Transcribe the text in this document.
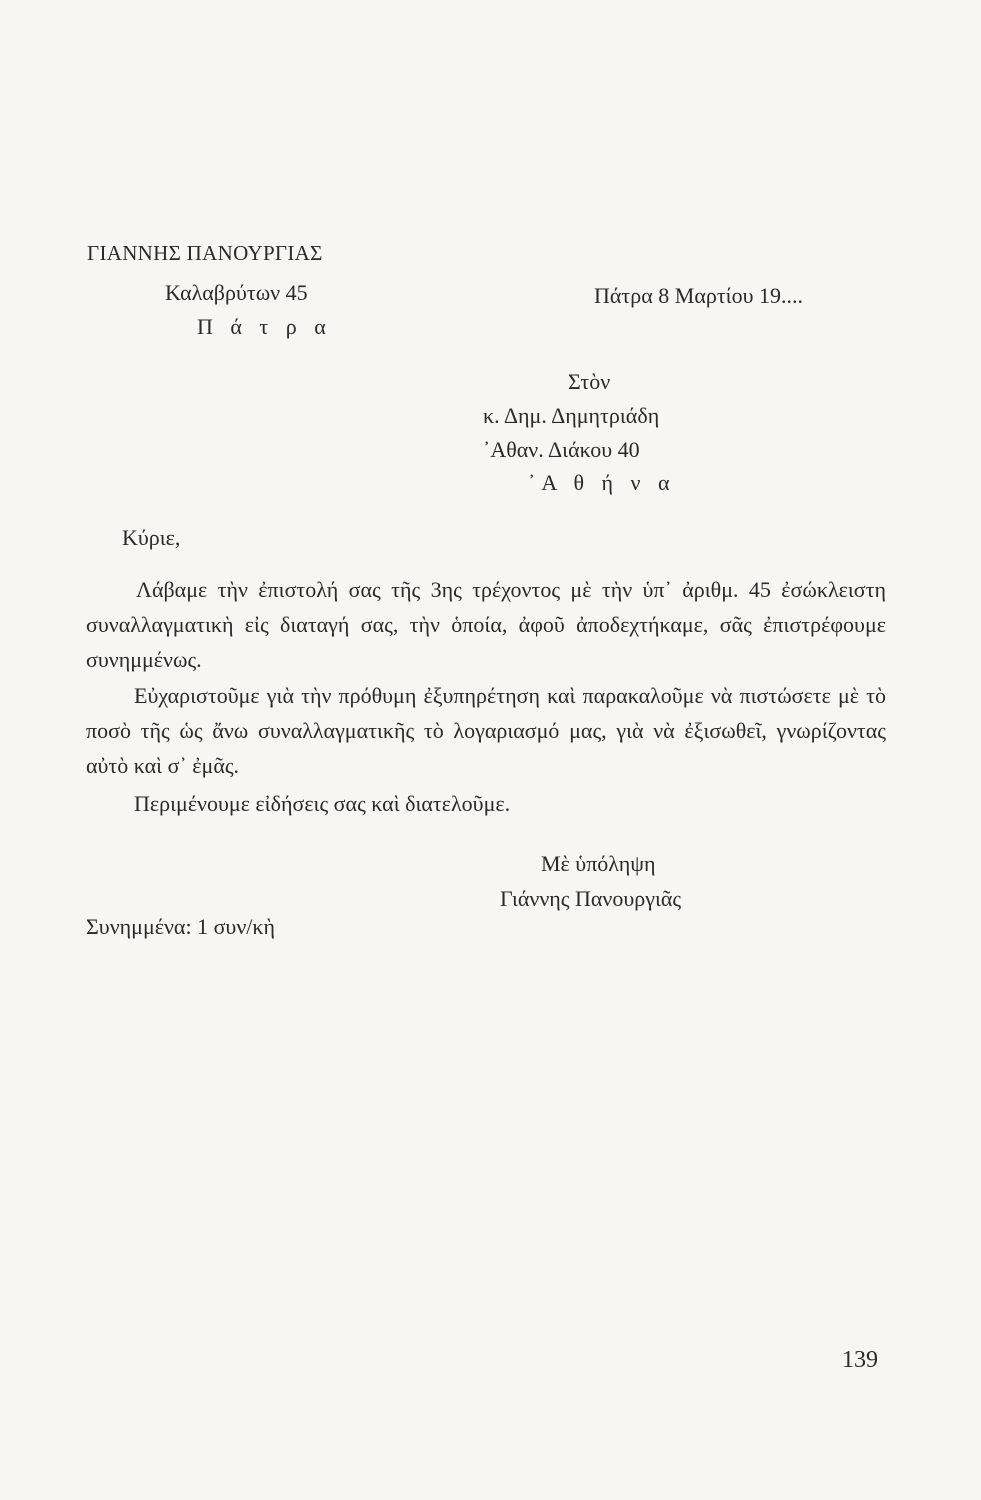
ΓΙΑΝΝΗΣ ΠΑΝΟΥΡΓΙΑΣ
Καλαβρύτων 45
Π ά τ ρ α
Πάτρα 8 Μαρτίου 19....
Στὸν
κ. Δημ. Δημητριάδη
᾿Αθαν. Διάκου 40
᾿Α θ ή ν α
Κύριε,

Λάβαμε τὴν ἐπιστολή σας τῆς 3ης τρέχοντος μὲ τὴν ὑπ᾿ ἀριθμ. 45 ἐσώκλειστη συναλλαγματικὴ εἰς διαταγή σας, τὴν ὁποία, ἀφοῦ ἀποδεχτήκαμε, σᾶς ἐπιστρέφουμε συνημμένως.

Εὐχαριστοῦμε γιὰ τὴν πρόθυμη ἐξυπηρέτηση καὶ παρακαλοῦμε νὰ πιστώσετε μὲ τὸ ποσὸ τῆς ὡς ἄνω συναλλαγματικῆς τὸ λογαριασμό μας, γιὰ νὰ ἐξισωθεῖ, γνωρίζοντας αὐτὸ καὶ σ᾿ ἐμᾶς.

Περιμένουμε εἰδήσεις σας καὶ διατελοῦμε.

Μὲ ὑπόληψη
Γιάννης Πανουργιᾶς
Συνημμένα: 1 συν/κὴ
139
